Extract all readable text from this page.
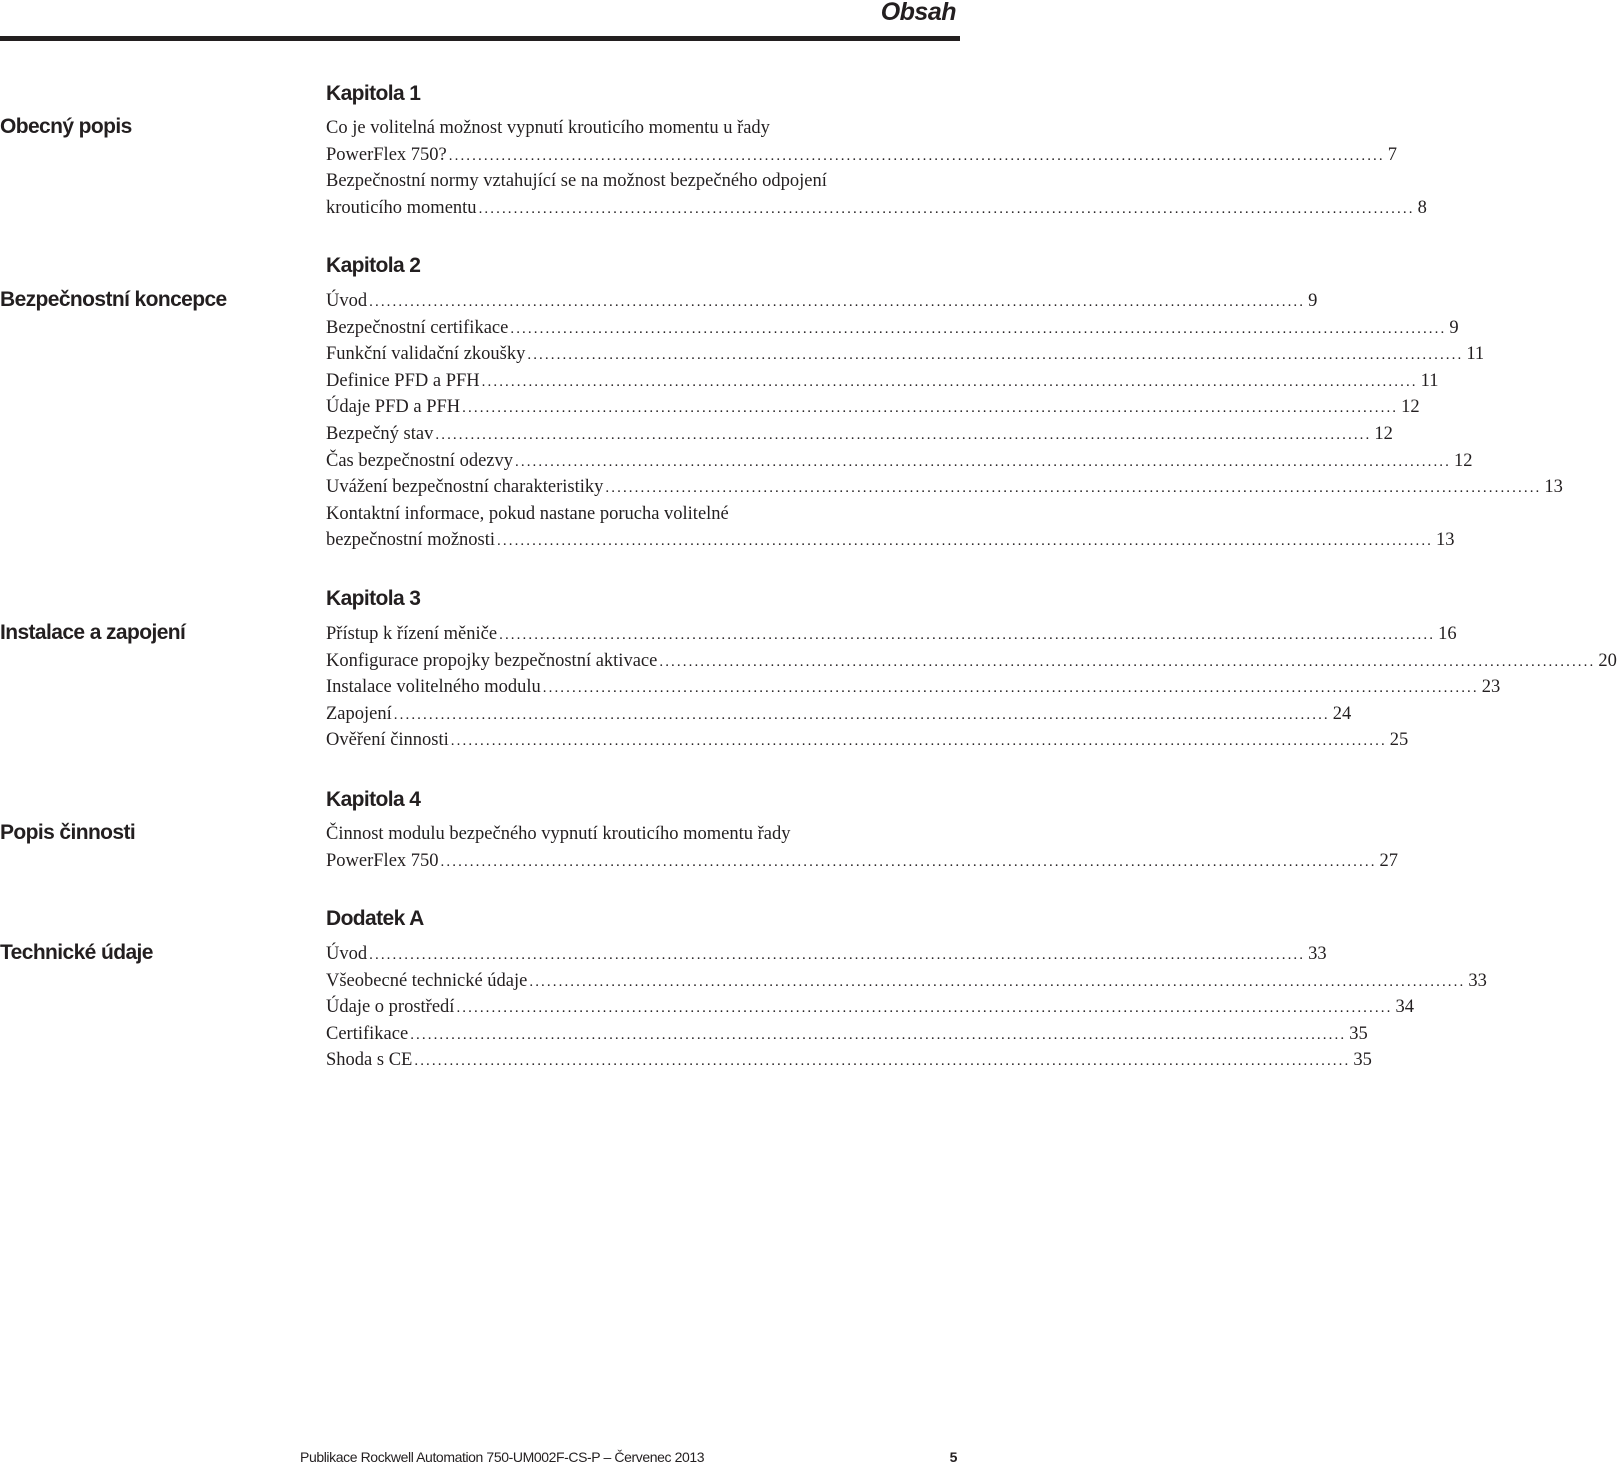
Obsah
Kapitola 1
Obecný popis	Co je volitelná možnost vypnutí krouticího momentu u řady
PowerFlex 750? ................................................................................................................................................................ 7
Bezpečnostní normy vztahující se na možnost bezpečného odpojení
krouticího momentu ................................................................................................................................................................ 8
Kapitola 2
Bezpečnostní koncepce	Úvod ................................................................................................................................................................ 9
Bezpečnostní certifikace ................................................................................................................................................................ 9
Funkční validační zkoušky ................................................................................................................................................................ 11
Definice PFD a PFH ................................................................................................................................................................ 11
Údaje PFD a PFH ................................................................................................................................................................ 12
Bezpečný stav ................................................................................................................................................................ 12
Čas bezpečnostní odezvy ................................................................................................................................................................ 12
Uvážení bezpečnostní charakteristiky ................................................................................................................................................................ 13
Kontaktní informace, pokud nastane porucha volitelné
bezpečnostní možnosti ................................................................................................................................................................ 13
Kapitola 3
Instalace a zapojení	Přístup k řízení měniče ................................................................................................................................................................ 16
Konfigurace propojky bezpečnostní aktivace ................................................................................................................................................................ 20
Instalace volitelného modulu ................................................................................................................................................................ 23
Zapojení ................................................................................................................................................................ 24
Ověření činnosti ................................................................................................................................................................ 25
Kapitola 4
Popis činnosti	Činnost modulu bezpečného vypnutí krouticího momentu řady
PowerFlex 750 ................................................................................................................................................................ 27
Dodatek A
Technické údaje	Úvod ................................................................................................................................................................ 33
Všeobecné technické údaje ................................................................................................................................................................ 33
Údaje o prostředí ................................................................................................................................................................ 34
Certifikace ................................................................................................................................................................ 35
Shoda s CE ................................................................................................................................................................ 35
Publikace Rockwell Automation 750-UM002F-CS-P – Červenec 2013	5
